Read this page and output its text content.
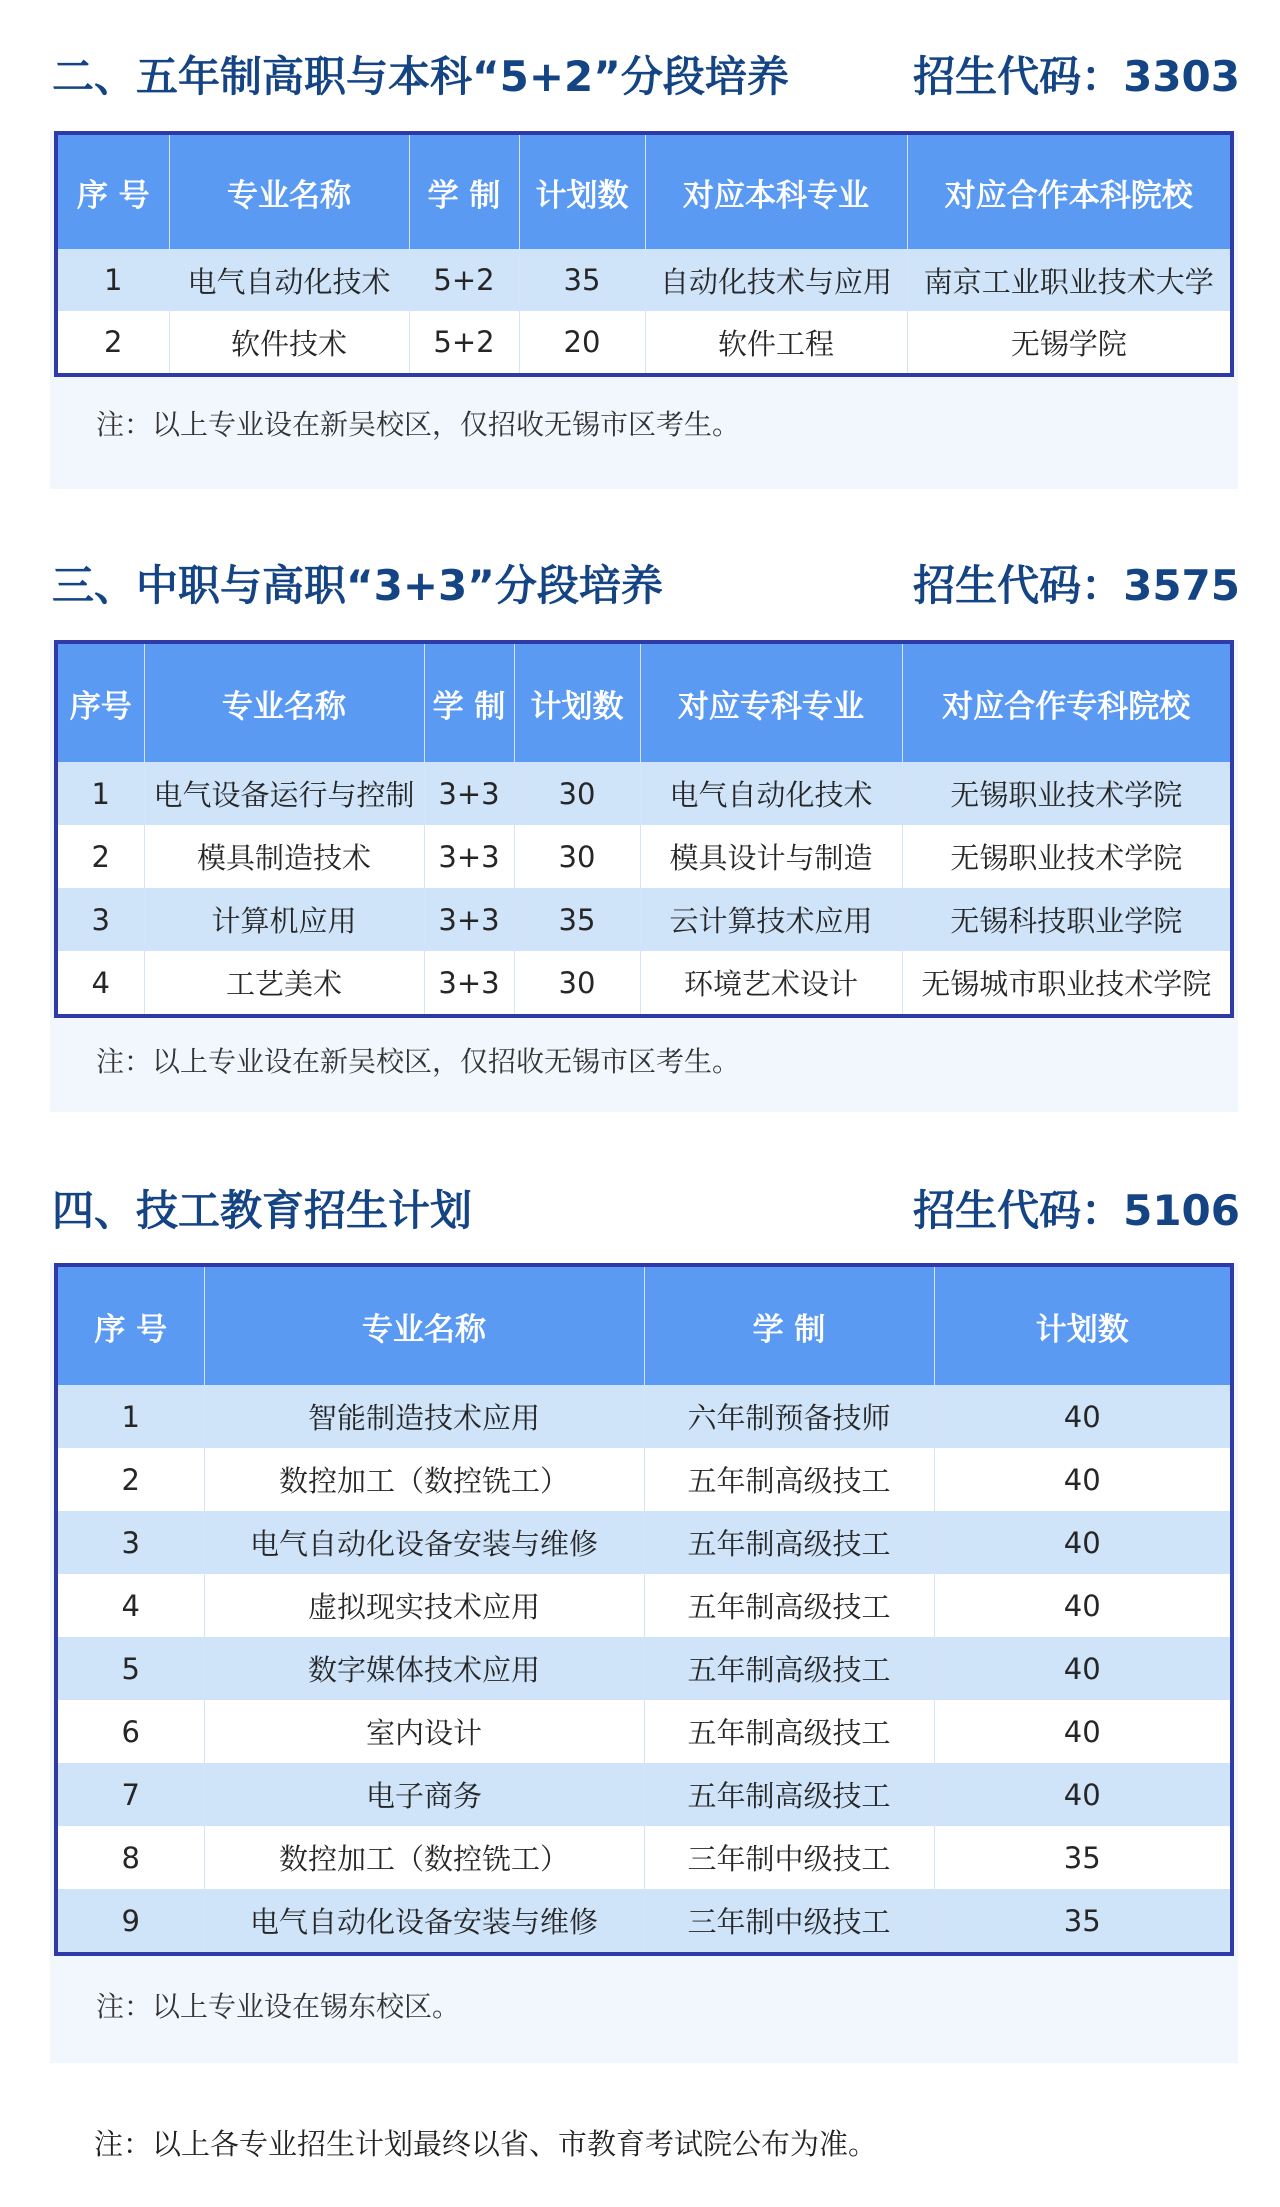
二、五年制高职与本科“5+2”分段培养	招生代码：3303
序 号	专业名称	学 制	计划数	对应本科专业	对应合作本科院校
1	电气自动化技术	5+2	35	自动化技术与应用	南京工业职业技术大学
2	软件技术	5+2	20	软件工程	无锡学院
注：以上专业设在新吴校区，仅招收无锡市区考生。
三、中职与高职“3+3”分段培养	招生代码：3575
序号	专业名称	学 制	计划数	对应专科专业	对应合作专科院校
1	电气设备运行与控制	3+3	30	电气自动化技术	无锡职业技术学院
2	模具制造技术	3+3	30	模具设计与制造	无锡职业技术学院
3	计算机应用	3+3	35	云计算技术应用	无锡科技职业学院
4	工艺美术	3+3	30	环境艺术设计	无锡城市职业技术学院
注：以上专业设在新吴校区，仅招收无锡市区考生。
四、技工教育招生计划	招生代码：5106
序 号	专业名称	学 制	计划数
1	智能制造技术应用	六年制预备技师	40
2	数控加工（数控铣工）	五年制高级技工	40
3	电气自动化设备安装与维修	五年制高级技工	40
4	虚拟现实技术应用	五年制高级技工	40
5	数字媒体技术应用	五年制高级技工	40
6	室内设计	五年制高级技工	40
7	电子商务	五年制高级技工	40
8	数控加工（数控铣工）	三年制中级技工	35
9	电气自动化设备安装与维修	三年制中级技工	35
注：以上专业设在锡东校区。
注：以上各专业招生计划最终以省、市教育考试院公布为准。
